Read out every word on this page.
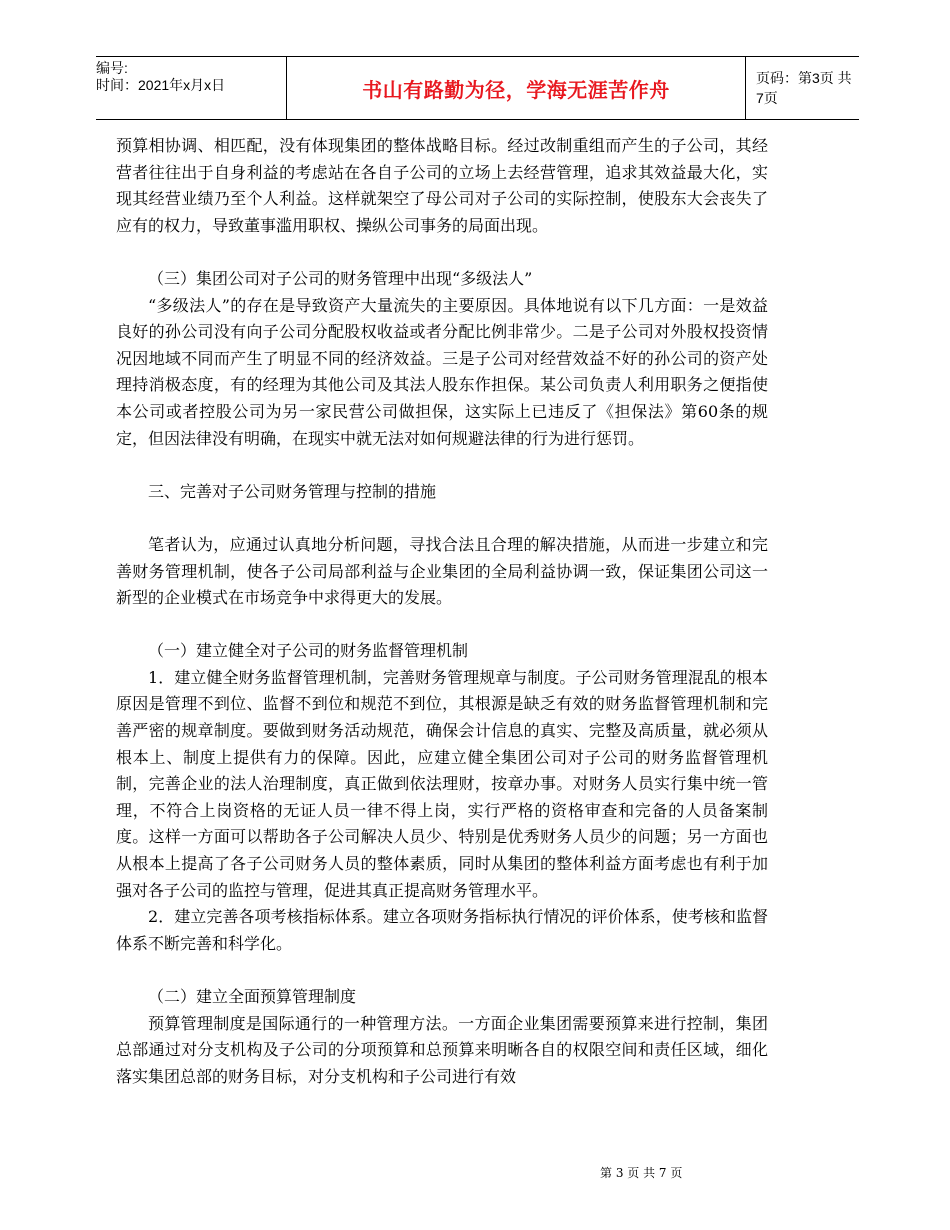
编号:
时间：2021年x月x日	书山有路勤为径，学海无涯苦作舟	页码：第3页 共7页

预算相协调、相匹配，没有体现集团的整体战略目标。经过改制重组而产生的子公司，其经营者往往出于自身利益的考虑站在各自子公司的立场上去经营管理，追求其效益最大化，实现其经营业绩乃至个人利益。这样就架空了母公司对子公司的实际控制，使股东大会丧失了应有的权力，导致董事滥用职权、操纵公司事务的局面出现。

（三）集团公司对子公司的财务管理中出现“多级法人”

“多级法人”的存在是导致资产大量流失的主要原因。具体地说有以下几方面：一是效益良好的孙公司没有向子公司分配股权收益或者分配比例非常少。二是子公司对外股权投资情况因地域不同而产生了明显不同的经济效益。三是子公司对经营效益不好的孙公司的资产处理持消极态度，有的经理为其他公司及其法人股东作担保。某公司负责人利用职务之便指使本公司或者控股公司为另一家民营公司做担保，这实际上已违反了《担保法》第60条的规定，但因法律没有明确，在现实中就无法对如何规避法律的行为进行惩罚。

三、完善对子公司财务管理与控制的措施

笔者认为，应通过认真地分析问题，寻找合法且合理的解决措施，从而进一步建立和完善财务管理机制，使各子公司局部利益与企业集团的全局利益协调一致，保证集团公司这一新型的企业模式在市场竞争中求得更大的发展。

（一）建立健全对子公司的财务监督管理机制

1．建立健全财务监督管理机制，完善财务管理规章与制度。子公司财务管理混乱的根本原因是管理不到位、监督不到位和规范不到位，其根源是缺乏有效的财务监督管理机制和完善严密的规章制度。要做到财务活动规范，确保会计信息的真实、完整及高质量，就必须从根本上、制度上提供有力的保障。因此，应建立健全集团公司对子公司的财务监督管理机制，完善企业的法人治理制度，真正做到依法理财，按章办事。对财务人员实行集中统一管理，不符合上岗资格的无证人员一律不得上岗，实行严格的资格审查和完备的人员备案制度。这样一方面可以帮助各子公司解决人员少、特别是优秀财务人员少的问题；另一方面也从根本上提高了各子公司财务人员的整体素质，同时从集团的整体利益方面考虑也有利于加强对各子公司的监控与管理，促进其真正提高财务管理水平。

2．建立完善各项考核指标体系。建立各项财务指标执行情况的评价体系，使考核和监督体系不断完善和科学化。

（二）建立全面预算管理制度

预算管理制度是国际通行的一种管理方法。一方面企业集团需要预算来进行控制，集团总部通过对分支机构及子公司的分项预算和总预算来明晰各自的权限空间和责任区域，细化落实集团总部的财务目标，对分支机构和子公司进行有效

第 3 页 共 7 页
